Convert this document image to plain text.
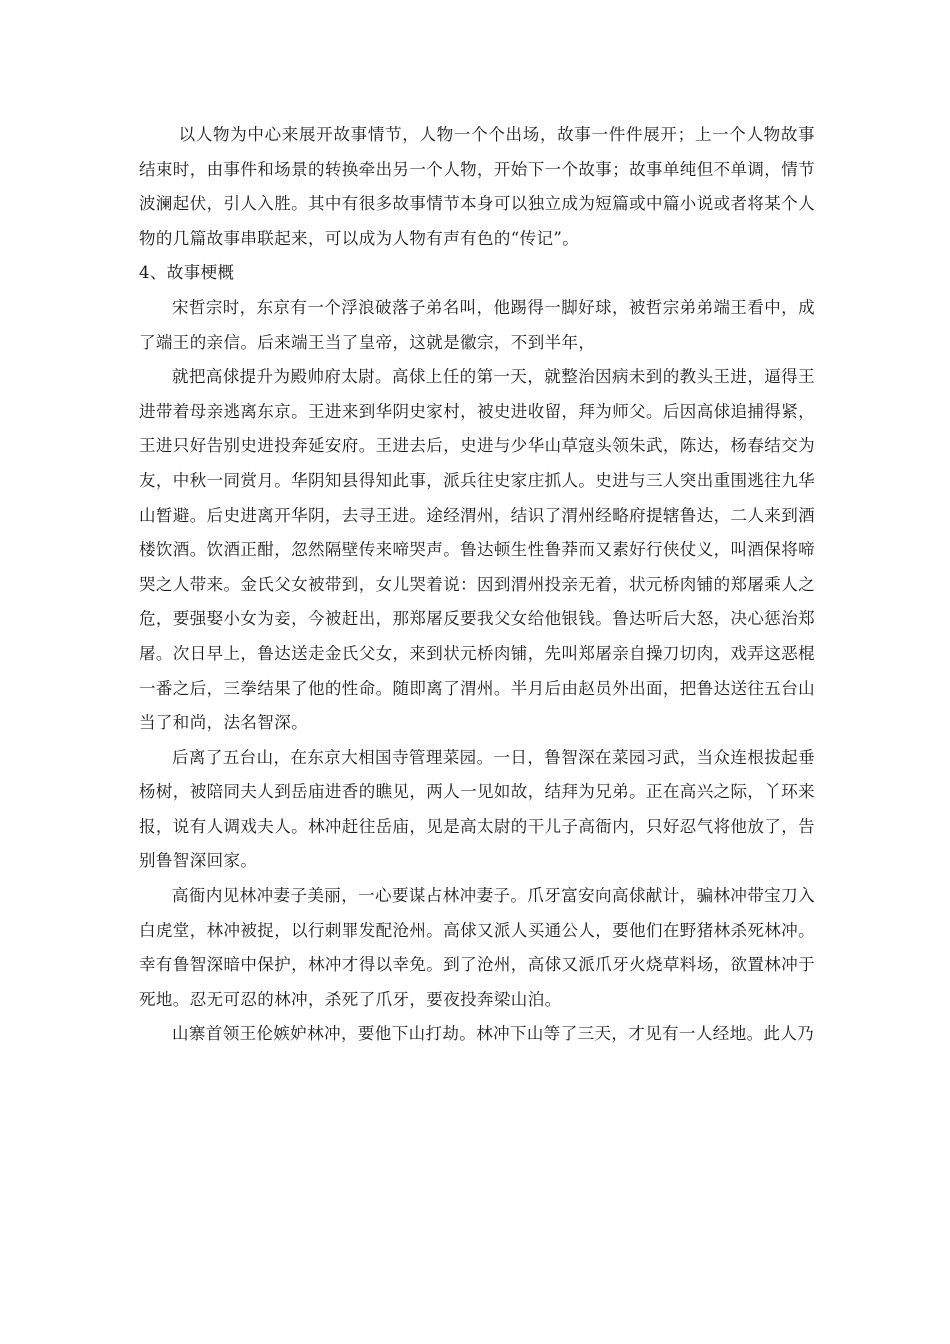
以人物为中心来展开故事情节，人物一个个出场，故事一件件展开；上一个人物故事结束时，由事件和场景的转换牵出另一个人物，开始下一个故事；故事单纯但不单调，情节波澜起伏，引人入胜。其中有很多故事情节本身可以独立成为短篇或中篇小说或者将某个人物的几篇故事串联起来，可以成为人物有声有色的“传记”。

4、故事梗概

宋哲宗时，东京有一个浮浪破落子弟名叫，他踢得一脚好球，被哲宗弟弟端王看中，成了端王的亲信。后来端王当了皇帝，这就是徽宗，不到半年，

就把高俅提升为殿帅府太尉。高俅上任的第一天，就整治因病未到的教头王进，逼得王进带着母亲逃离东京。王进来到华阴史家村，被史进收留，拜为师父。后因高俅追捕得紧，王进只好告别史进投奔延安府。王进去后，史进与少华山草寇头领朱武，陈达，杨春结交为友，中秋一同赏月。华阴知县得知此事，派兵往史家庄抓人。史进与三人突出重围逃往九华山暂避。后史进离开华阴，去寻王进。途经渭州，结识了渭州经略府提辖鲁达，二人来到酒楼饮酒。饮酒正酣，忽然隔壁传来啼哭声。鲁达顿生性鲁莽而又素好行侠仗义，叫酒保将啼哭之人带来。金氏父女被带到，女儿哭着说：因到渭州投亲无着，状元桥肉铺的郑屠乘人之危，要强娶小女为妾，今被赶出，那郑屠反要我父女给他银钱。鲁达听后大怒，决心惩治郑屠。次日早上，鲁达送走金氏父女，来到状元桥肉铺，先叫郑屠亲自操刀切肉，戏弄这恶棍一番之后，三拳结果了他的性命。随即离了渭州。半月后由赵员外出面，把鲁达送往五台山当了和尚，法名智深。

后离了五台山，在东京大相国寺管理菜园。一日，鲁智深在菜园习武，当众连根拔起垂杨树，被陪同夫人到岳庙进香的瞧见，两人一见如故，结拜为兄弟。正在高兴之际，丫环来报，说有人调戏夫人。林冲赶往岳庙，见是高太尉的干儿子高衙内，只好忍气将他放了，告别鲁智深回家。

高衙内见林冲妻子美丽，一心要谋占林冲妻子。爪牙富安向高俅献计，骗林冲带宝刀入白虎堂，林冲被捉，以行刺罪发配沧州。高俅又派人买通公人，要他们在野猪林杀死林冲。幸有鲁智深暗中保护，林冲才得以幸免。到了沧州，高俅又派爪牙火烧草料场，欲置林冲于死地。忍无可忍的林冲，杀死了爪牙，要夜投奔梁山泊。

山寨首领王伦嫉妒林冲，要他下山打劫。林冲下山等了三天，才见有一人经地。此人乃
